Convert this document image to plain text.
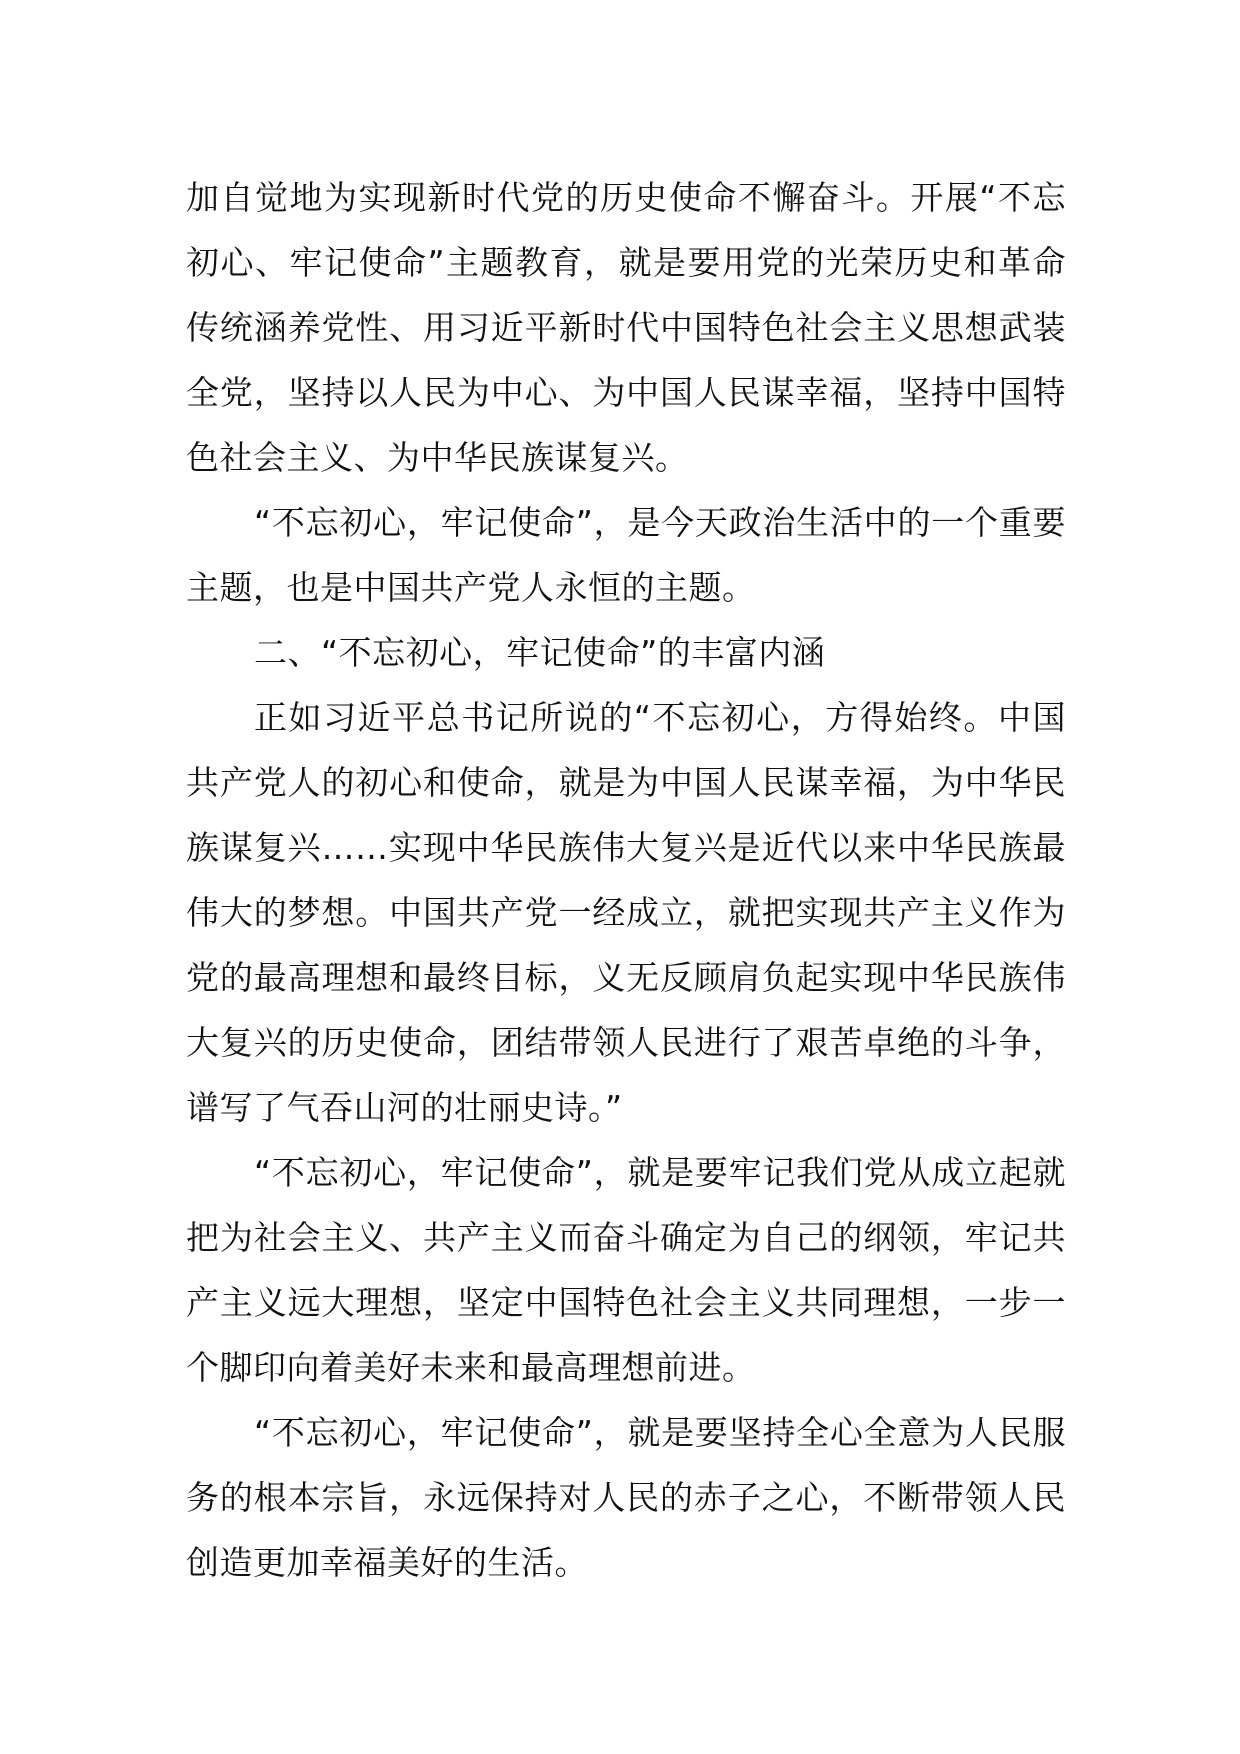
加自觉地为实现新时代党的历史使命不懈奋斗。开展“不忘初心、牢记使命”主题教育，就是要用党的光荣历史和革命传统涵养党性、用习近平新时代中国特色社会主义思想武装全党，坚持以人民为中心、为中国人民谋幸福，坚持中国特色社会主义、为中华民族谋复兴。

“不忘初心，牢记使命”，是今天政治生活中的一个重要主题，也是中国共产党人永恒的主题。

二、“不忘初心，牢记使命”的丰富内涵

正如习近平总书记所说的“不忘初心，方得始终。中国共产党人的初心和使命，就是为中国人民谋幸福，为中华民族谋复兴……实现中华民族伟大复兴是近代以来中华民族最伟大的梦想。中国共产党一经成立，就把实现共产主义作为党的最高理想和最终目标，义无反顾肩负起实现中华民族伟大复兴的历史使命，团结带领人民进行了艰苦卓绝的斗争，谱写了气吞山河的壮丽史诗。”

“不忘初心，牢记使命”，就是要牢记我们党从成立起就把为社会主义、共产主义而奋斗确定为自己的纲领，牢记共产主义远大理想，坚定中国特色社会主义共同理想，一步一个脚印向着美好未来和最高理想前进。

“不忘初心，牢记使命”，就是要坚持全心全意为人民服务的根本宗旨，永远保持对人民的赤子之心，不断带领人民创造更加幸福美好的生活。
